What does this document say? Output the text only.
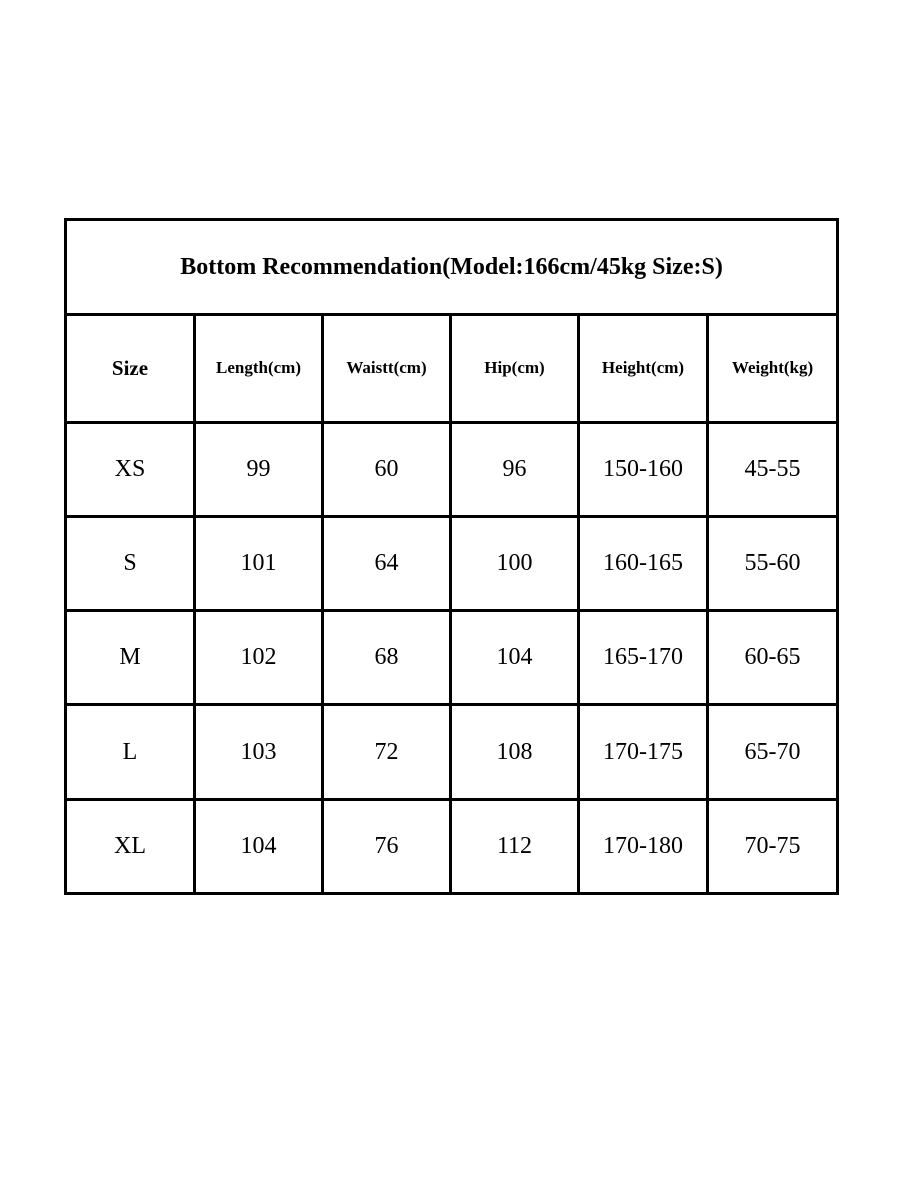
Bottom Recommendation(Model:166cm/45kg Size:S)					
Size	Length(cm)	Waistt(cm)	Hip(cm)	Height(cm)	Weight(kg)
XS	99	60	96	150-160	45-55
S	101	64	100	160-165	55-60
M	102	68	104	165-170	60-65
L	103	72	108	170-175	65-70
XL	104	76	112	170-180	70-75
